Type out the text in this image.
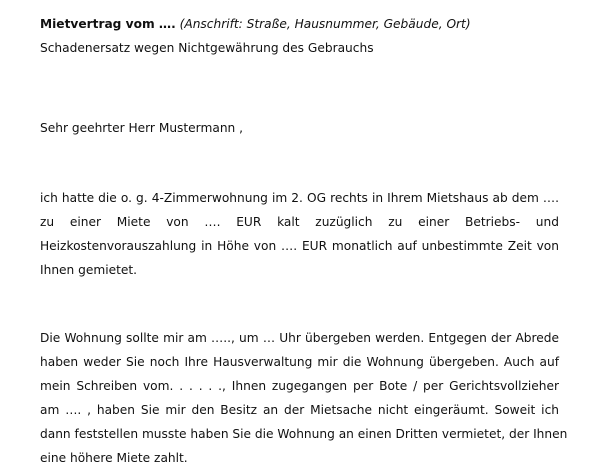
Mietvertrag vom …. (Anschrift: Straße, Hausnummer, Gebäude, Ort)
Schadenersatz wegen Nichtgewährung des Gebrauchs
Sehr geehrter Herr Mustermann ,
ich hatte die o. g. 4-Zimmerwohnung im 2. OG rechts in Ihrem Mietshaus ab dem ….
zu einer Miete von …. EUR kalt zuzüglich zu einer Betriebs- und
Heizkostenvorauszahlung in Höhe von …. EUR monatlich auf unbestimmte Zeit von
Ihnen gemietet.
Die Wohnung sollte mir am ….., um … Uhr übergeben werden. Entgegen der Abrede
haben weder Sie noch Ihre Hausverwaltung mir die Wohnung übergeben. Auch auf
mein Schreiben vom. . . . . ., Ihnen zugegangen per Bote / per Gerichtsvollzieher
am …. , haben Sie mir den Besitz an der Mietsache nicht eingeräumt. Soweit ich
dann feststellen musste haben Sie die Wohnung an einen Dritten vermietet, der Ihnen
eine höhere Miete zahlt.
